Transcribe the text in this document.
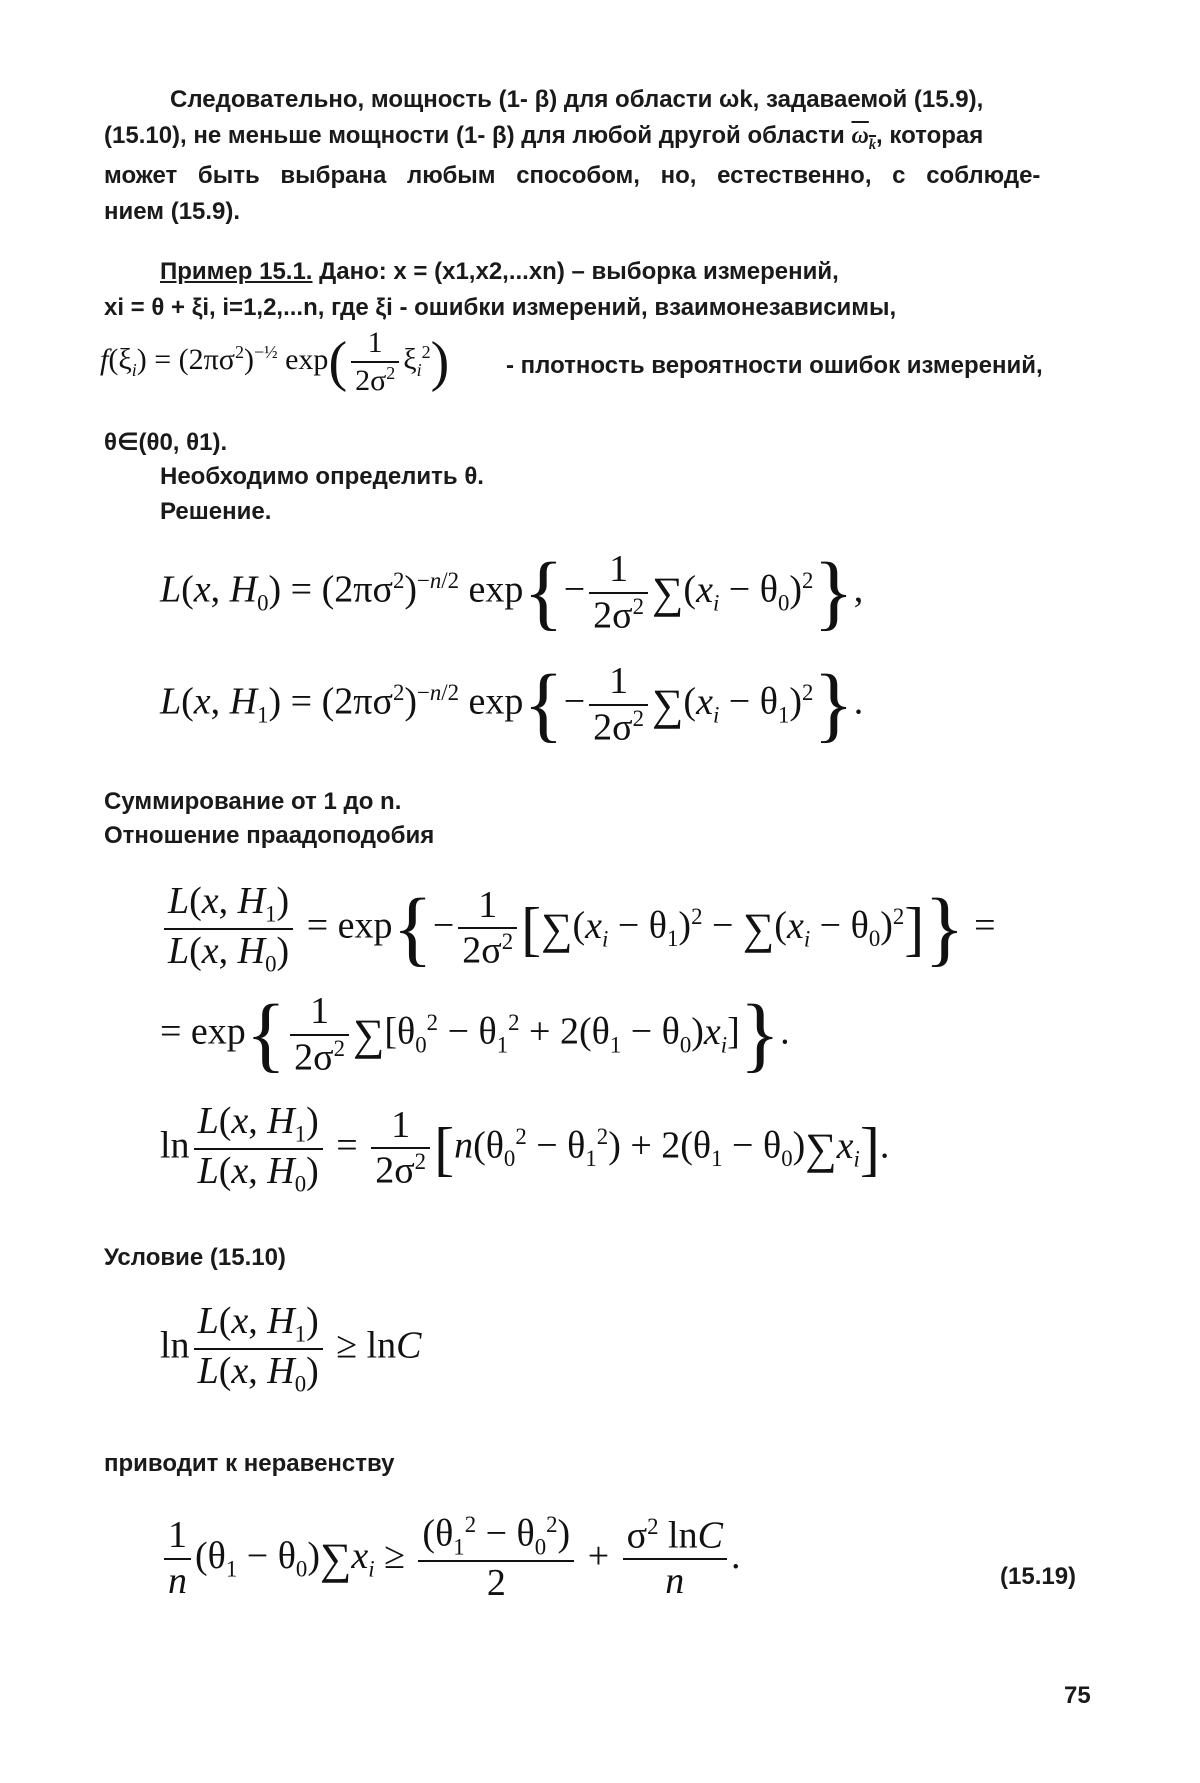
Следовательно, мощность (1- β) для области ωk, задаваемой (15.9),
(15.10), не меньше мощности (1- β) для любой другой области $\omega_k$, которая
может быть выбрана любым способом, но, естественно, с соблюде-
нием (15.9).
Пример 15.1. Дано: x = (x1,x2,...xn) – выборка измерений,
xi = θ + ξi, i=1,2,...n, где ξi - ошибки измерений, взаимонезависимы,
$f(\xi_i) = (2\pi\sigma^2)^{-\frac{1}{2}}$ $\exp( \frac{1}{2\sigma^2} \xi_i^2)$ - плотность вероятности ошибок измерений,
θ∈(θ0, θ1).
Необходимо определить θ.
Решение.
L(x, $H_0) = (2\pi\sigma^2)^{-n/2}$ $\exp\{- \frac{1}{2\sigma^2} \sum(x_i - \theta_0)^2\}$,
L(x, $H_1) = (2\pi\sigma^2)^{-n/2}$ $\exp\{- \frac{1}{2\sigma^2} \sum(x_i - \theta_1)^2\}$.
Суммирование от 1 до n.
Отношение праадоподобия
$\frac{L(x, H_1)}{L(x, H_0)} = \exp\{- \frac{1}{2\sigma^2} [\sum(x_i - \theta_1)^2 - \sum(x_i - \theta_0)^2]\}$ =
= $\exp\{ \frac{1}{2\sigma^2} \sum[\theta_0^2 - \theta_1^2 + 2(\theta_1 - \theta_0)x_i]\}$.
$\ln \frac{L(x, H_1)}{L(x, H_0)} = \frac{1}{2\sigma^2} [n(\theta_0^2 - \theta_1^2) + 2(\theta_1 - \theta_0)\sum x_i]$.
Условие (15.10)
$\ln \frac{L(x, H_1)}{L(x, H_0)} \ge \ln C$
приводит к неравенству
$\frac{1}{n} (\theta_1 - \theta_0)\sum x_i \ge \frac{(\theta_1^2 - \theta_0^2)}{2} + \frac{\sigma^2 \ln C}{n}$ .	(15.19)
75
